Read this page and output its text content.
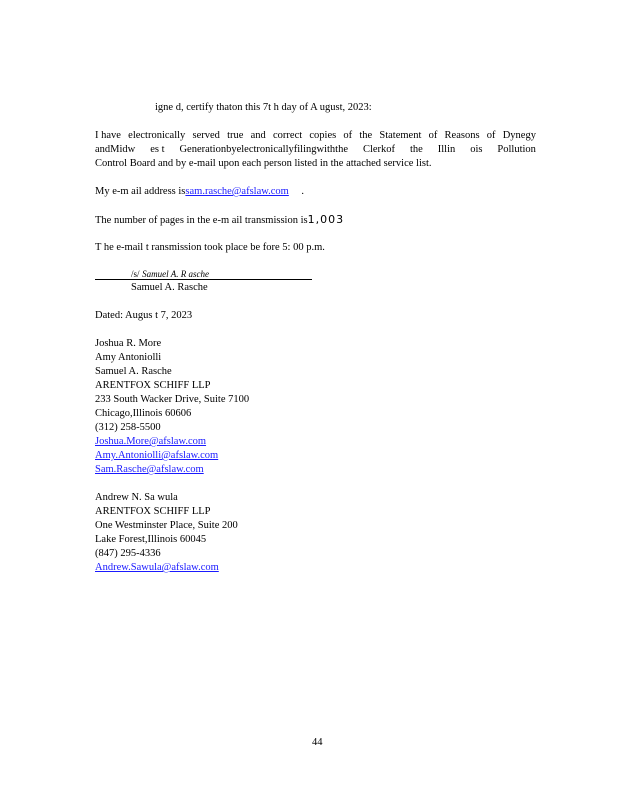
igne d, certify thaton this 7t h day of A ugust, 2023:
I have electronically served true and correct copies of the Statement of Reasons of Dynegy
andMidw es t Generationbyelectronicallyfilingwiththe Clerkof the Illin ois Pollution
Control Board and by e-mail upon each person listed in the attached service list.
My e-m ail address issam.rasche@afslaw.com .
The number of pages in the e-m ail transmission is1,003
T he e-mail t ransmission took place be fore 5: 00 p.m.
/s/ Samuel A. R asche
Samuel A. Rasche
Dated: Augus t 7, 2023
Joshua R. More
Amy Antoniolli
Samuel A. Rasche
ARENTFOX SCHIFF LLP
233 South Wacker Drive, Suite 7100
Chicago,Illinois 60606
(312) 258-5500
Joshua.More@afslaw.com
Amy.Antoniolli@afslaw.com
Sam.Rasche@afslaw.com
Andrew N. Sa wula
ARENTFOX SCHIFF LLP
One Westminster Place, Suite 200
Lake Forest,Illinois 60045
(847) 295-4336
Andrew.Sawula@afslaw.com
44
